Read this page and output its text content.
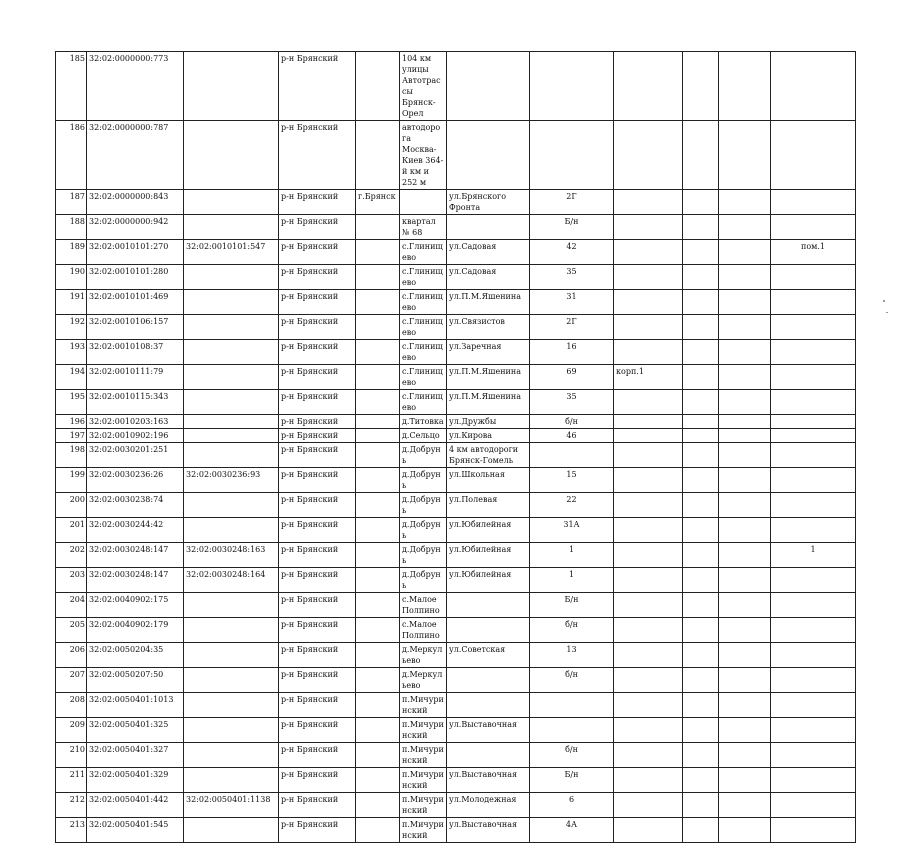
185	32:02:0000000:773		р-н Брянский		104 км улицы Автотрассы Брянск-Орел						
186	32:02:0000000:787		р-н Брянский		автодорога Москва-Киев 364-й км и 252 м						
187	32:02:0000000:843		р-н Брянский	г.Брянск		ул.Брянского Фронта	2Г				
188	32:02:0000000:942		р-н Брянский		квартал № 68		Б/н				
189	32:02:0010101:270	32:02:0010101:547	р-н Брянский		с.Глинищево	ул.Садовая	42				пом.1
190	32:02:0010101:280		р-н Брянский		с.Глинищево	ул.Садовая	35				
191	32:02:0010101:469		р-н Брянский		с.Глинищево	ул.П.М.Яшенина	31				
192	32:02:0010106:157		р-н Брянский		с.Глинищево	ул.Связистов	2Г				
193	32:02:0010108:37		р-н Брянский		с.Глинищево	ул.Заречная	16				
194	32:02:0010111:79		р-н Брянский		с.Глинищево	ул.П.М.Яшенина	69	корп.1			
195	32:02:0010115:343		р-н Брянский		с.Глинищево	ул.П.М.Яшенина	35				
196	32:02:0010203:163		р-н Брянский		д.Титовка	ул.Дружбы	б/н				
197	32:02:0010902:196		р-н Брянский		д.Сельцо	ул.Кирова	46				
198	32:02:0030201:251		р-н Брянский		д.Добрунь	4 км автодороги Брянск-Гомель					
199	32:02:0030236:26	32:02:0030236:93	р-н Брянский		д.Добрунь	ул.Школьная	15				
200	32:02:0030238:74		р-н Брянский		д.Добрунь	ул.Полевая	22				
201	32:02:0030244:42		р-н Брянский		д.Добрунь	ул.Юбилейная	31А				
202	32:02:0030248:147	32:02:0030248:163	р-н Брянский		д.Добрунь	ул.Юбилейная	1				1
203	32:02:0030248:147	32:02:0030248:164	р-н Брянский		д.Добрунь	ул.Юбилейная	1				
204	32:02:0040902:175		р-н Брянский		с.Малое Полпино		Б/н				
205	32:02:0040902:179		р-н Брянский		с.Малое Полпино		б/н				
206	32:02:0050204:35		р-н Брянский		д.Меркульево	ул.Советская	13				
207	32:02:0050207:50		р-н Брянский		д.Меркульево		б/н				
208	32:02:0050401:1013		р-н Брянский		п.Мичуринский						
209	32:02:0050401:325		р-н Брянский		п.Мичуринский	ул.Выставочная					
210	32:02:0050401:327		р-н Брянский		п.Мичуринский		б/н				
211	32:02:0050401:329		р-н Брянский		п.Мичуринский	ул.Выставочная	Б/н				
212	32:02:0050401:442	32:02:0050401:1138	р-н Брянский		п.Мичуринский	ул.Молодежная	6				
213	32:02:0050401:545		р-н Брянский		п.Мичуринский	ул.Выставочная	4А				
